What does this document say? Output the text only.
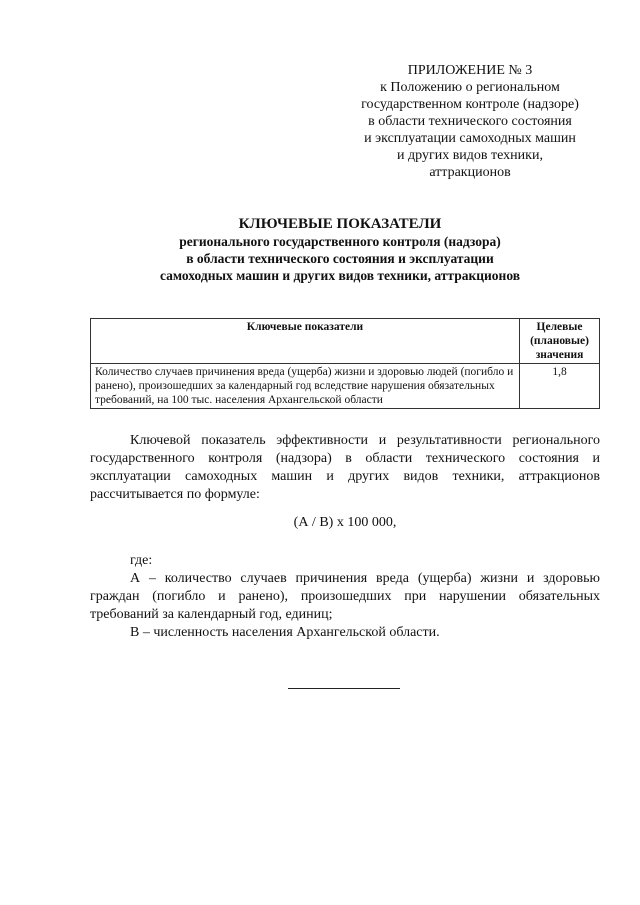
ПРИЛОЖЕНИЕ № 3
к Положению о региональном
государственном контроле (надзоре)
в области технического состояния
и эксплуатации самоходных машин
и других видов техники,
аттракционов
КЛЮЧЕВЫЕ ПОКАЗАТЕЛИ
регионального государственного контроля (надзора)
в области технического состояния и эксплуатации
самоходных машин и других видов техники, аттракционов
Ключевые показатели	Целевые (плановые) значения
Количество случаев причинения вреда (ущерба) жизни и здоровью людей (погибло и ранено), произошедших за календарный год вследствие нарушения обязательных требований, на 100 тыс. населения Архангельской области	1,8

Ключевой показатель эффективности и результативности регионального государственного контроля (надзора) в области технического состояния и эксплуатации самоходных машин и других видов техники, аттракционов рассчитывается по формуле:

(А / В) х 100 000,

где:

А – количество случаев причинения вреда (ущерба) жизни и здоровью граждан (погибло и ранено), произошедших при нарушении обязательных требований за календарный год, единиц;

В – численность населения Архангельской области.
